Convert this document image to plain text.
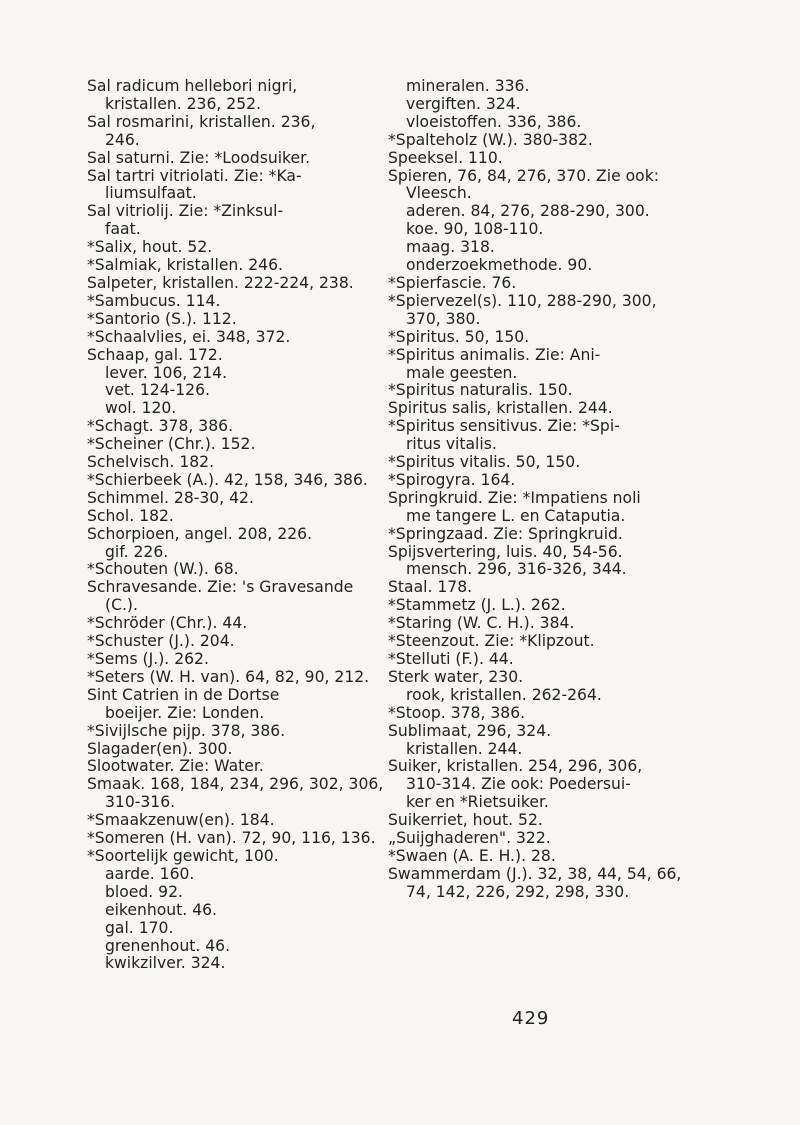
Sal radicum hellebori nigri,
kristallen. 236, 252.
Sal rosmarini, kristallen. 236,
246.
Sal saturni. Zie: *Loodsuiker.
Sal tartri vitriolati. Zie: *Ka-
liumsulfaat.
Sal vitriolij. Zie: *Zinksul-
faat.
*Salix, hout. 52.
*Salmiak, kristallen. 246.
Salpeter, kristallen. 222-224, 238.
*Sambucus. 114.
*Santorio (S.). 112.
*Schaalvlies, ei. 348, 372.
Schaap, gal. 172.
lever. 106, 214.
vet. 124-126.
wol. 120.
*Schagt. 378, 386.
*Scheiner (Chr.). 152.
Schelvisch. 182.
*Schierbeek (A.). 42, 158, 346, 386.
Schimmel. 28-30, 42.
Schol. 182.
Schorpioen, angel. 208, 226.
gif. 226.
*Schouten (W.). 68.
Schravesande. Zie: 's Gravesande
(C.).
*Schröder (Chr.). 44.
*Schuster (J.). 204.
*Sems (J.). 262.
*Seters (W. H. van). 64, 82, 90, 212.
Sint Catrien in de Dortse
boeijer. Zie: Londen.
*Sivijlsche pijp. 378, 386.
Slagader(en). 300.
Slootwater. Zie: Water.
Smaak. 168, 184, 234, 296, 302, 306,
310-316.
*Smaakzenuw(en). 184.
*Someren (H. van). 72, 90, 116, 136.
*Soortelijk gewicht, 100.
aarde. 160.
bloed. 92.
eikenhout. 46.
gal. 170.
grenenhout. 46.
kwikzilver. 324.
mineralen. 336.
vergiften. 324.
vloeistoffen. 336, 386.
*Spalteholz (W.). 380-382.
Speeksel. 110.
Spieren, 76, 84, 276, 370. Zie ook:
Vleesch.
aderen. 84, 276, 288-290, 300.
koe. 90, 108-110.
maag. 318.
onderzoekmethode. 90.
*Spierfascie. 76.
*Spiervezel(s). 110, 288-290, 300,
370, 380.
*Spiritus. 50, 150.
*Spiritus animalis. Zie: Ani-
male geesten.
*Spiritus naturalis. 150.
Spiritus salis, kristallen. 244.
*Spiritus sensitivus. Zie: *Spi-
ritus vitalis.
*Spiritus vitalis. 50, 150.
*Spirogyra. 164.
Springkruid. Zie: *Impatiens noli
me tangere L. en Cataputia.
*Springzaad. Zie: Springkruid.
Spijsvertering, luis. 40, 54-56.
mensch. 296, 316-326, 344.
Staal. 178.
*Stammetz (J. L.). 262.
*Staring (W. C. H.). 384.
*Steenzout. Zie: *Klipzout.
*Stelluti (F.). 44.
Sterk water, 230.
rook, kristallen. 262-264.
*Stoop. 378, 386.
Sublimaat, 296, 324.
kristallen. 244.
Suiker, kristallen. 254, 296, 306,
310-314. Zie ook: Poedersui-
ker en *Rietsuiker.
Suikerriet, hout. 52.
„Suijghaderen". 322.
*Swaen (A. E. H.). 28.
Swammerdam (J.). 32, 38, 44, 54, 66,
74, 142, 226, 292, 298, 330.
429
